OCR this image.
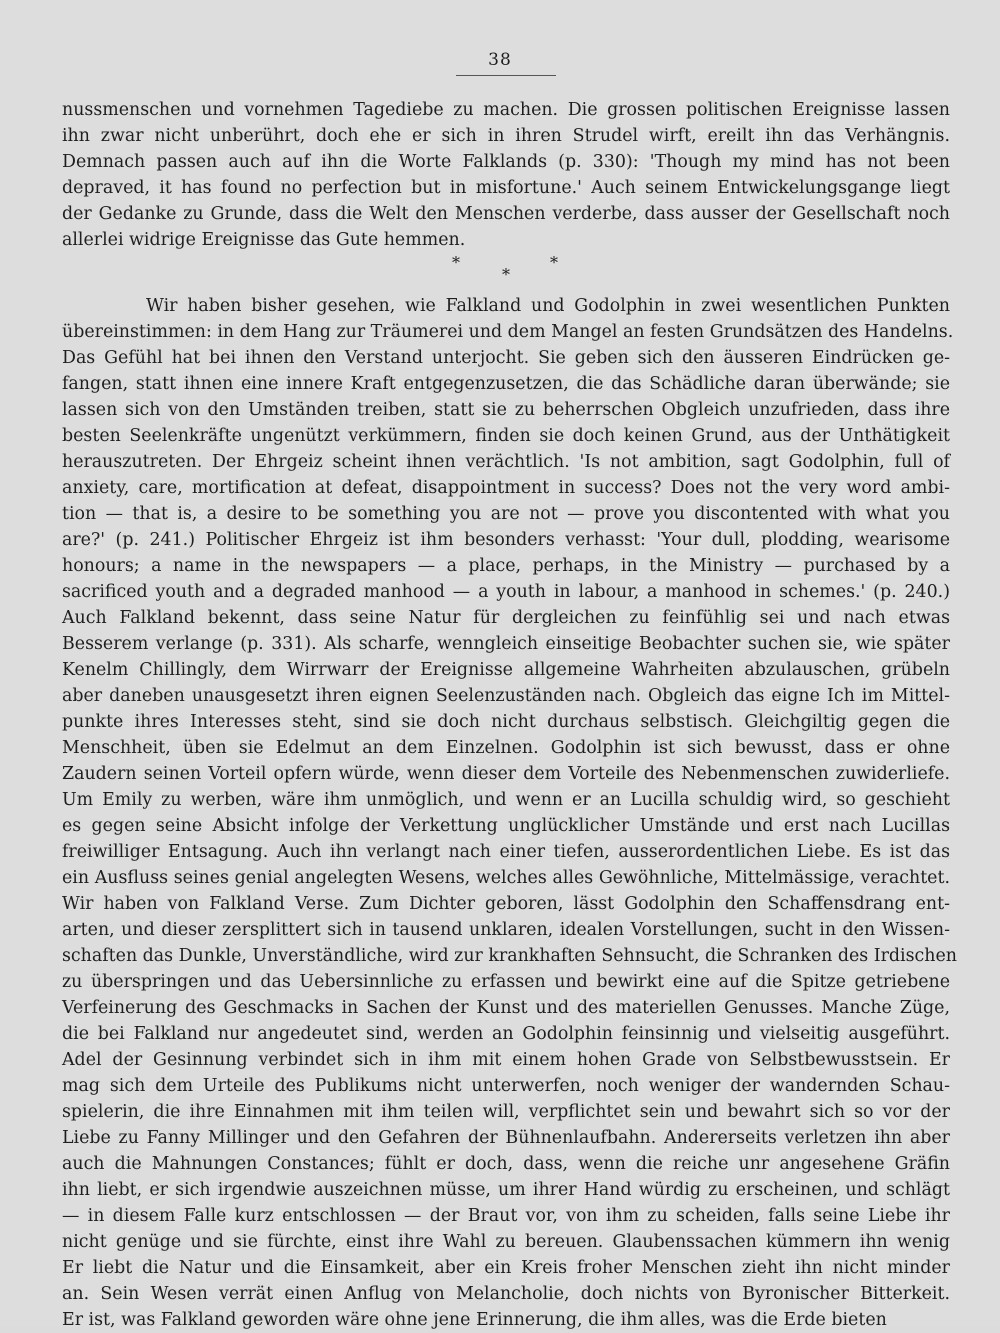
38
nussmenschen und vornehmen Tagediebe zu machen. Die grossen politischen Ereignisse lassen
ihn zwar nicht unberührt, doch ehe er sich in ihren Strudel wirft, ereilt ihn das Verhängnis.
Demnach passen auch auf ihn die Worte Falklands (p. 330): 'Though my mind has not been
depraved, it has found no perfection but in misfortune.' Auch seinem Entwickelungsgange liegt
der Gedanke zu Grunde, dass die Welt den Menschen verderbe, dass ausser der Gesellschaft noch
allerlei widrige Ereignisse das Gute hemmen.
*
*
*
Wir haben bisher gesehen, wie Falkland und Godolphin in zwei wesentlichen Punkten
übereinstimmen: in dem Hang zur Träumerei und dem Mangel an festen Grundsätzen des Handelns.
Das Gefühl hat bei ihnen den Verstand unterjocht. Sie geben sich den äusseren Eindrücken ge-
fangen, statt ihnen eine innere Kraft entgegenzusetzen, die das Schädliche daran überwände; sie
lassen sich von den Umständen treiben, statt sie zu beherrschen Obgleich unzufrieden, dass ihre
besten Seelenkräfte ungenützt verkümmern, finden sie doch keinen Grund, aus der Unthätigkeit
herauszutreten. Der Ehrgeiz scheint ihnen verächtlich. 'Is not ambition, sagt Godolphin, full of
anxiety, care, mortification at defeat, disappointment in success? Does not the very word ambi-
tion — that is, a desire to be something you are not — prove you discontented with what you
are?' (p. 241.) Politischer Ehrgeiz ist ihm besonders verhasst: 'Your dull, plodding, wearisome
honours; a name in the newspapers — a place, perhaps, in the Ministry — purchased by a
sacrificed youth and a degraded manhood — a youth in labour, a manhood in schemes.' (p. 240.)
Auch Falkland bekennt, dass seine Natur für dergleichen zu feinfühlig sei und nach etwas
Besserem verlange (p. 331). Als scharfe, wenngleich einseitige Beobachter suchen sie, wie später
Kenelm Chillingly, dem Wirrwarr der Ereignisse allgemeine Wahrheiten abzulauschen, grübeln
aber daneben unausgesetzt ihren eignen Seelenzuständen nach. Obgleich das eigne Ich im Mittel-
punkte ihres Interesses steht, sind sie doch nicht durchaus selbstisch. Gleichgiltig gegen die
Menschheit, üben sie Edelmut an dem Einzelnen. Godolphin ist sich bewusst, dass er ohne
Zaudern seinen Vorteil opfern würde, wenn dieser dem Vorteile des Nebenmenschen zuwiderliefe.
Um Emily zu werben, wäre ihm unmöglich, und wenn er an Lucilla schuldig wird, so geschieht
es gegen seine Absicht infolge der Verkettung unglücklicher Umstände und erst nach Lucillas
freiwilliger Entsagung. Auch ihn verlangt nach einer tiefen, ausserordentlichen Liebe. Es ist das
ein Ausfluss seines genial angelegten Wesens, welches alles Gewöhnliche, Mittelmässige, verachtet.
Wir haben von Falkland Verse. Zum Dichter geboren, lässt Godolphin den Schaffensdrang ent-
arten, und dieser zersplittert sich in tausend unklaren, idealen Vorstellungen, sucht in den Wissen-
schaften das Dunkle, Unverständliche, wird zur krankhaften Sehnsucht, die Schranken des Irdischen
zu überspringen und das Uebersinnliche zu erfassen und bewirkt eine auf die Spitze getriebene
Verfeinerung des Geschmacks in Sachen der Kunst und des materiellen Genusses. Manche Züge,
die bei Falkland nur angedeutet sind, werden an Godolphin feinsinnig und vielseitig ausgeführt.
Adel der Gesinnung verbindet sich in ihm mit einem hohen Grade von Selbstbewusstsein. Er
mag sich dem Urteile des Publikums nicht unterwerfen, noch weniger der wandernden Schau-
spielerin, die ihre Einnahmen mit ihm teilen will, verpflichtet sein und bewahrt sich so vor der
Liebe zu Fanny Millinger und den Gefahren der Bühnenlaufbahn. Andererseits verletzen ihn aber
auch die Mahnungen Constances; fühlt er doch, dass, wenn die reiche unr angesehene Gräfin
ihn liebt, er sich irgendwie auszeichnen müsse, um ihrer Hand würdig zu erscheinen, und schlägt
— in diesem Falle kurz entschlossen — der Braut vor, von ihm zu scheiden, falls seine Liebe ihr
nicht genüge und sie fürchte, einst ihre Wahl zu bereuen. Glaubenssachen kümmern ihn wenig
Er liebt die Natur und die Einsamkeit, aber ein Kreis froher Menschen zieht ihn nicht minder
an. Sein Wesen verrät einen Anflug von Melancholie, doch nichts von Byronischer Bitterkeit.
Er ist, was Falkland geworden wäre ohne jene Erinnerung, die ihm alles, was die Erde bieten
